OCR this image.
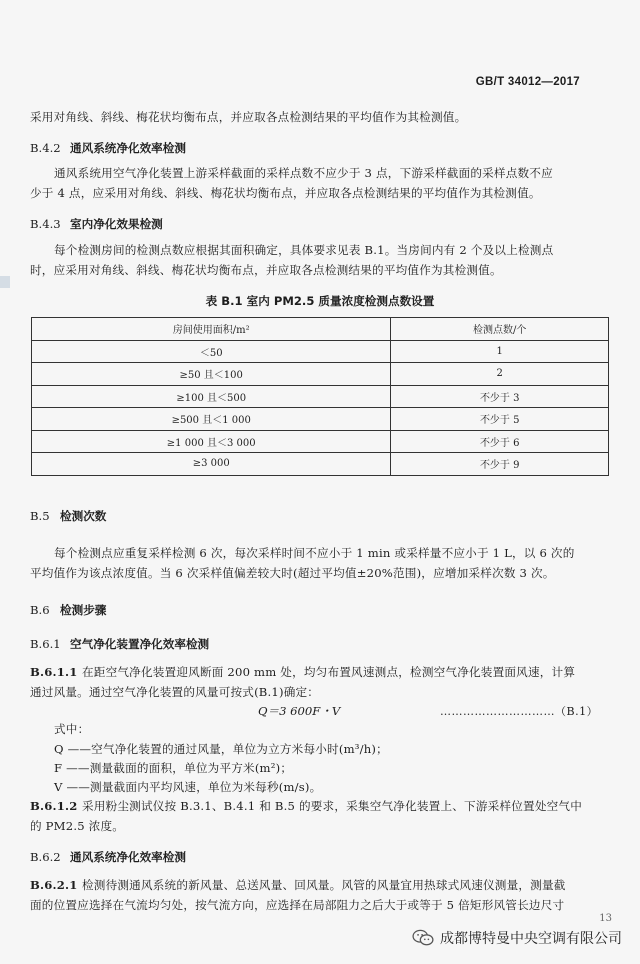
GB/T 34012—2017
采用对角线、斜线、梅花状均衡布点，并应取各点检测结果的平均值作为其检测值。
B.4.2 通风系统净化效率检测
通风系统用空气净化装置上游采样截面的采样点数不应少于 3 点，下游采样截面的采样点数不应
少于 4 点，应采用对角线、斜线、梅花状均衡布点，并应取各点检测结果的平均值作为其检测值。
B.4.3 室内净化效果检测
每个检测房间的检测点数应根据其面积确定，具体要求见表 B.1。当房间内有 2 个及以上检测点
时，应采用对角线、斜线、梅花状均衡布点，并应取各点检测结果的平均值作为其检测值。
表 B.1 室内 PM2.5 质量浓度检测点数设置
房间使用面积/m²	检测点数/个
＜50	1
≥50 且＜100	2
≥100 且＜500	不少于 3
≥500 且＜1 000	不少于 5
≥1 000 且＜3 000	不少于 6
≥3 000	不少于 9
B.5 检测次数
每个检测点应重复采样检测 6 次，每次采样时间不应小于 1 min 或采样量不应小于 1 L，以 6 次的
平均值作为该点浓度值。当 6 次采样值偏差较大时(超过平均值±20%范围)，应增加采样次数 3 次。
B.6 检测步骤
B.6.1 空气净化装置净化效率检测
B.6.1.1 在距空气净化装置迎风断面 200 mm 处，均匀布置风速测点，检测空气净化装置面风速，计算
通过风量。通过空气净化装置的风量可按式(B.1)确定：
Q＝3 600F・V	…………………………（B.1）
式中：
Q ——空气净化装置的通过风量，单位为立方米每小时(m³/h)；
F ——测量截面的面积，单位为平方米(m²)；
V ——测量截面内平均风速，单位为米每秒(m/s)。
B.6.1.2 采用粉尘测试仪按 B.3.1、B.4.1 和 B.5 的要求，采集空气净化装置上、下游采样位置处空气中
的 PM2.5 浓度。
B.6.2 通风系统净化效率检测
B.6.2.1 检测待测通风系统的新风量、总送风量、回风量。风管的风量宜用热球式风速仪测量，测量截
面的位置应选择在气流均匀处，按气流方向，应选择在局部阻力之后大于或等于 5 倍矩形风管长边尺寸
13
成都博特曼中央空调有限公司
